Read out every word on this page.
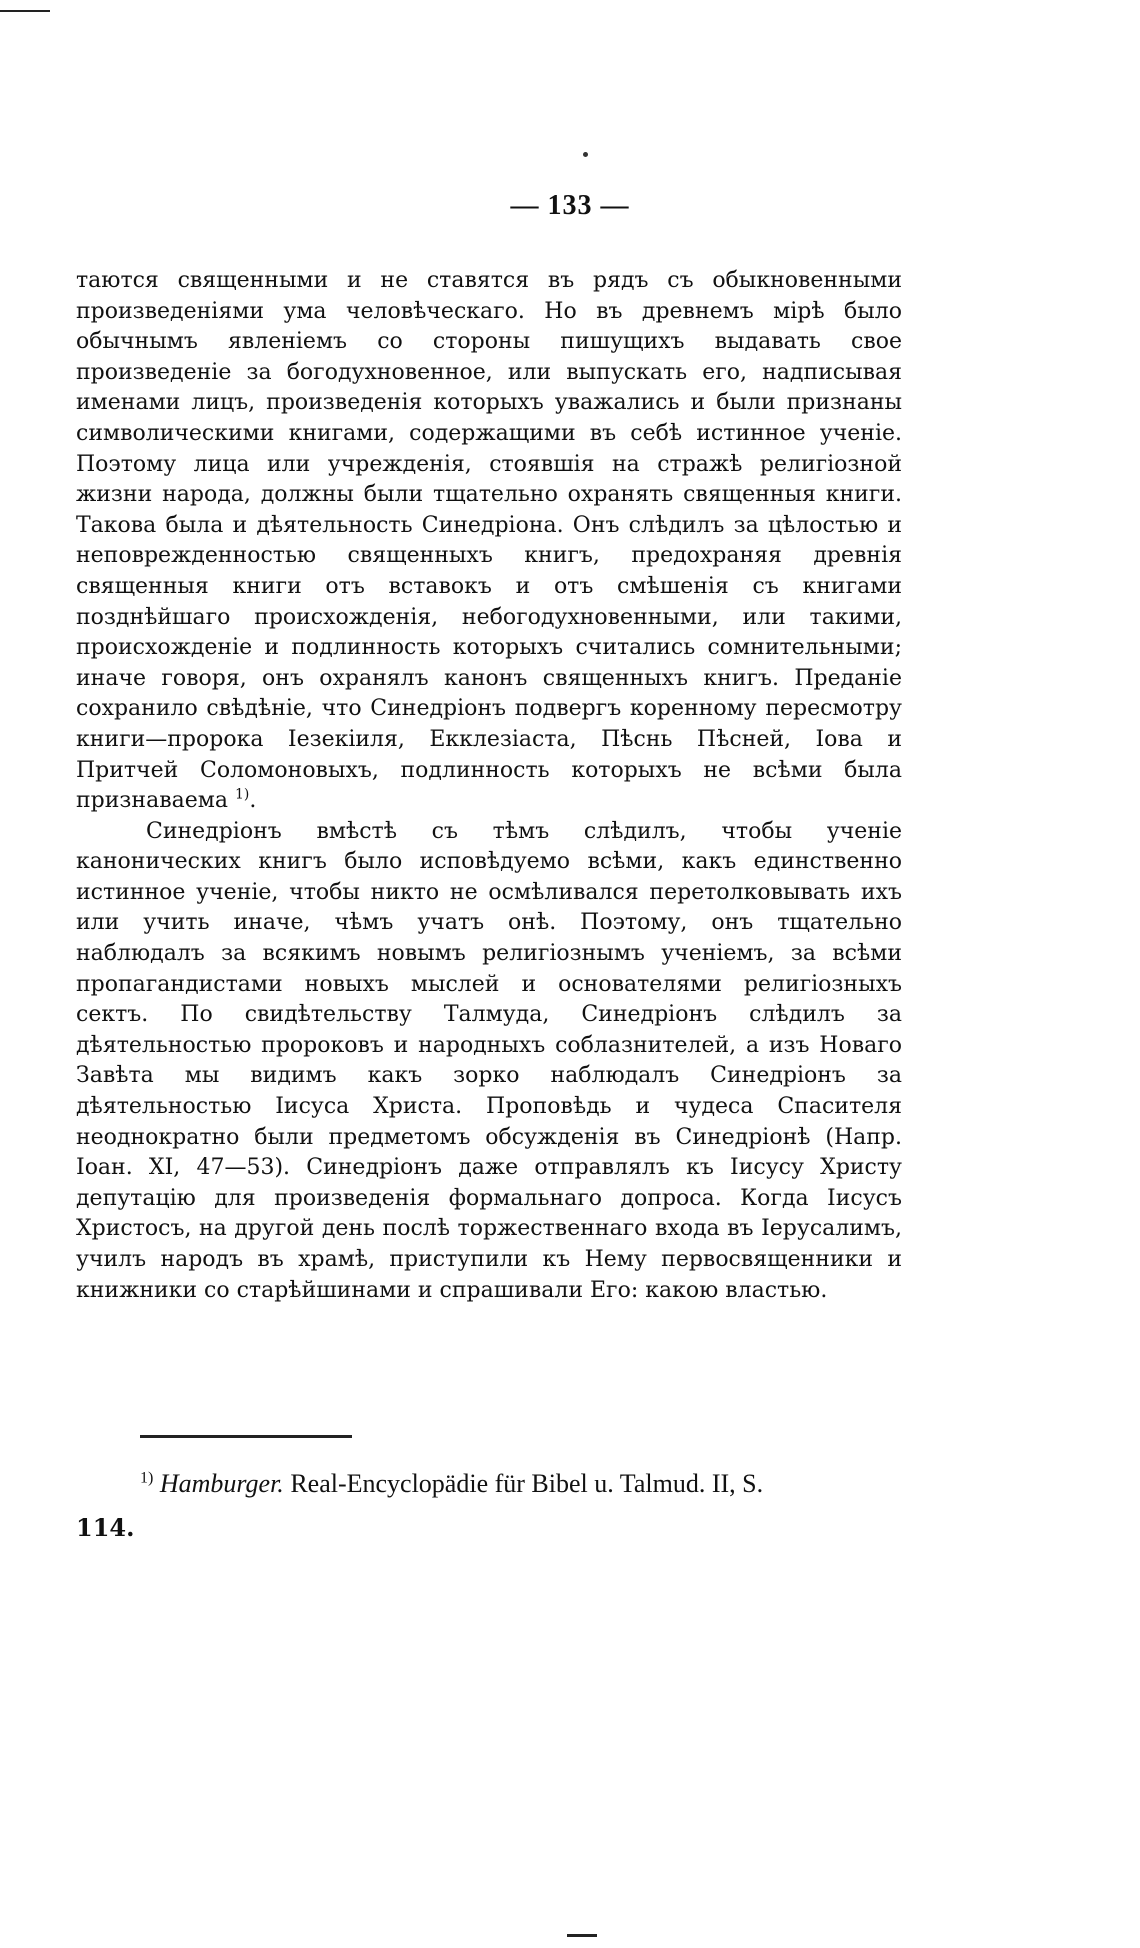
— 133 —

таются священными и не ставятся въ рядъ съ обыкновенными произведеніями ума человѣческаго. Но въ древнемъ мірѣ было обычнымъ явленіемъ со стороны пишущихъ выдавать свое произведеніе за богодухновенное, или выпускать его, надписывая именами лицъ, произведенія которыхъ уважались и были признаны символическими книгами, содержащими въ себѣ истинное ученіе. Поэтому лица или учрежденія, стоявшія на стражѣ религіозной жизни народа, должны были тщательно охранять священныя книги. Такова была и дѣятельность Синедріона. Онъ слѣдилъ за цѣлостью и неповрежденностью священныхъ книгъ, предохраняя древнія священныя книги отъ вставокъ и отъ смѣшенія съ книгами позднѣйшаго происхожденія, небогодухновенными, или такими, происхожденіе и подлинность которыхъ считались сомнительными; иначе говоря, онъ охранялъ канонъ священныхъ книгъ. Преданіе сохранило свѣдѣніе, что Синедріонъ подвергъ коренному пересмотру книги—пророка Іезекіиля, Екклезіаста, Пѣснь Пѣсней, Іова и Притчей Соломоновыхъ, подлинность которыхъ не всѣми была признаваема $^{1)}$.

Синедріонъ вмѣстѣ съ тѣмъ слѣдилъ, чтобы ученіе канонических книгъ было исповѣдуемо всѣми, какъ единственно истинное ученіе, чтобы никто не осмѣливался перетолковывать ихъ или учить иначе, чѣмъ учатъ онѣ. Поэтому, онъ тщательно наблюдалъ за всякимъ новымъ религіознымъ ученіемъ, за всѣми пропагандистами новыхъ мыслей и основателями религіозныхъ сектъ. По свидѣтельству Талмуда, Синедріонъ слѣдилъ за дѣятельностью пророковъ и народныхъ соблазнителей, а изъ Новаго Завѣта мы видимъ какъ зорко наблюдалъ Синедріонъ за дѣятельностью Іисуса Христа. Проповѣдь и чудеса Спасителя неоднократно были предметомъ обсужденія въ Синедріонѣ (Напр. Іоан. XI, 47—53). Синедріонъ даже отправлялъ къ Іисусу Христу депутацію для произведенія формальнаго допроса. Когда Іисусъ Христосъ, на другой день послѣ торжественнаго входа въ Іерусалимъ, училъ народъ въ храмѣ, приступили къ Нему первосвященники и книжники со старѣйшинами и спрашивали Его: какою властью.

$^{1)}$ Hamburger. Real-Encyclopädie für Bibel u. Talmud. II, S.
114.
